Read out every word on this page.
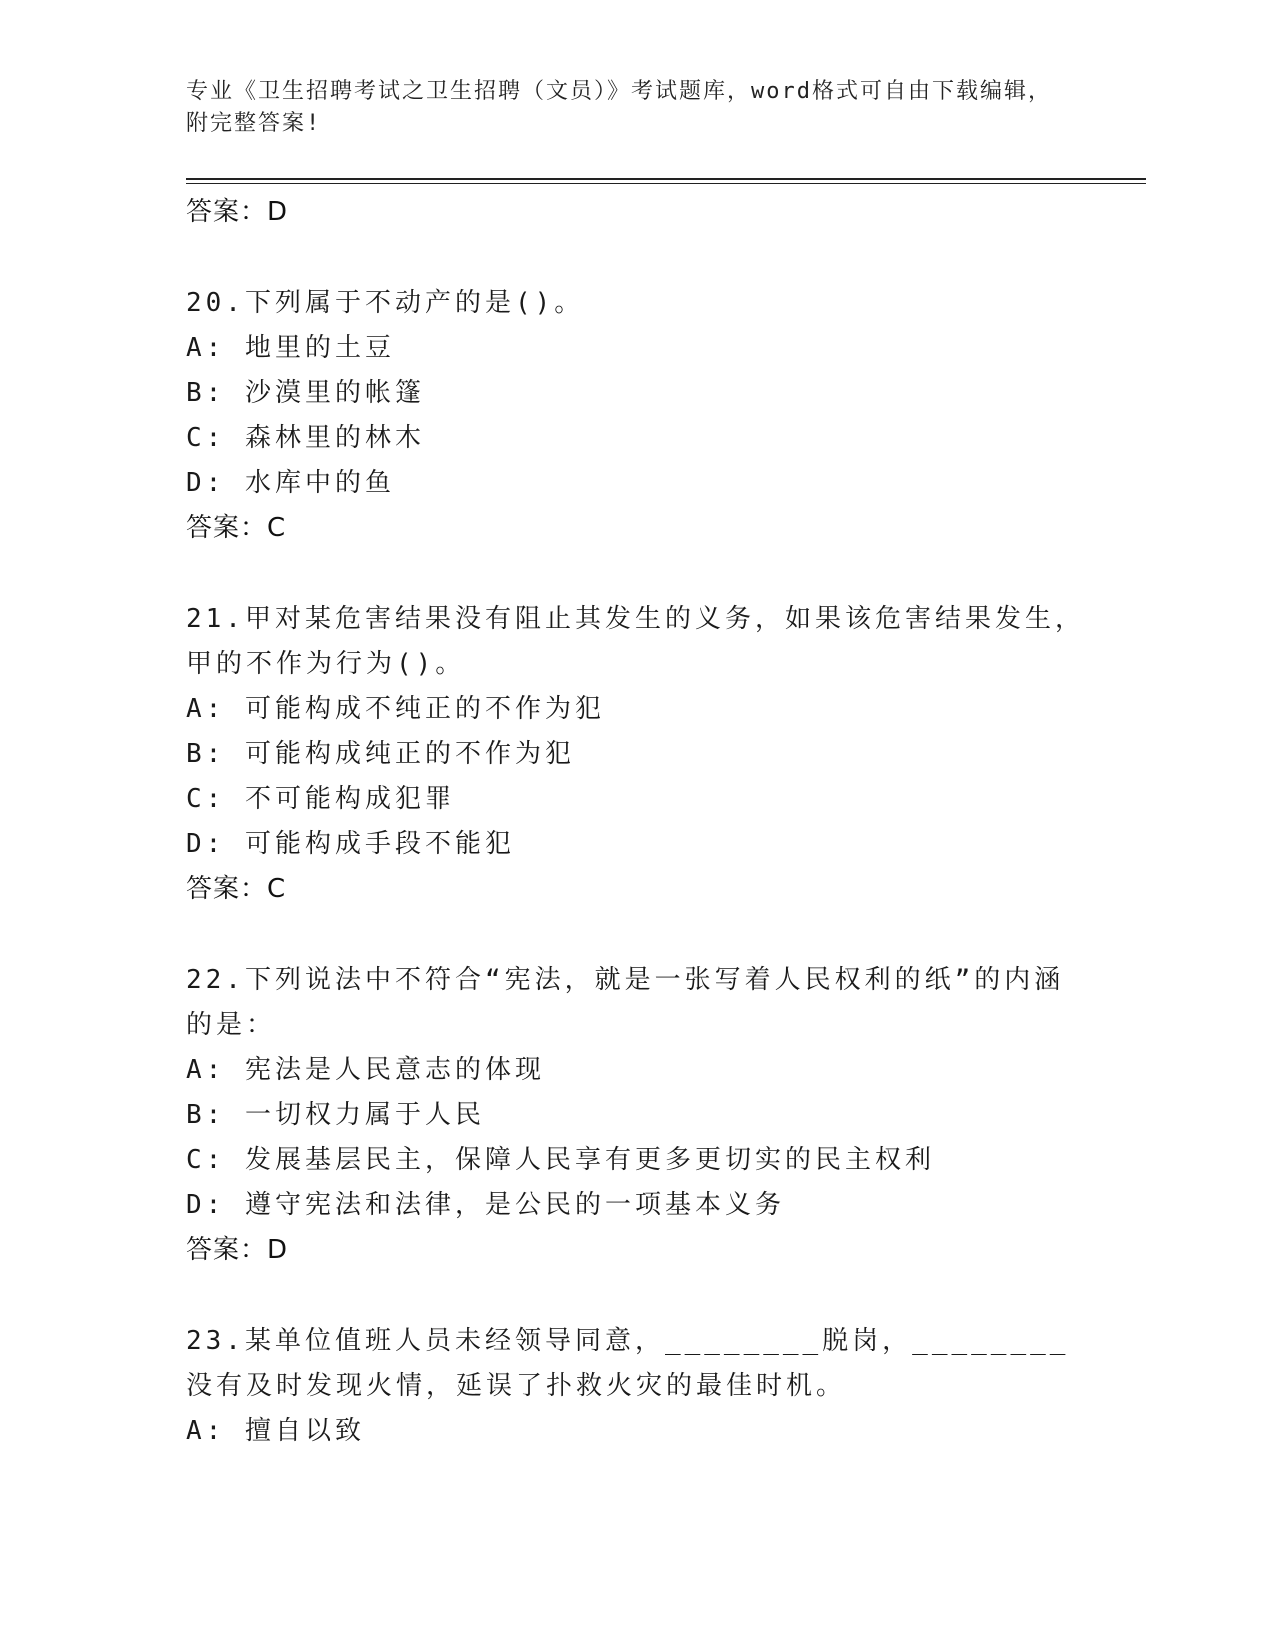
专业《卫生招聘考试之卫生招聘（文员）》考试题库，word格式可自由下载编辑，附完整答案!
答案：D
20.下列属于不动产的是()。
A: 地里的土豆
B: 沙漠里的帐篷
C: 森林里的林木
D: 水库中的鱼
答案：C
21.甲对某危害结果没有阻止其发生的义务，如果该危害结果发生，甲的不作为行为()。
A: 可能构成不纯正的不作为犯
B: 可能构成纯正的不作为犯
C: 不可能构成犯罪
D: 可能构成手段不能犯
答案：C
22.下列说法中不符合“宪法，就是一张写着人民权利的纸”的内涵的是：
A: 宪法是人民意志的体现
B: 一切权力属于人民
C: 发展基层民主，保障人民享有更多更切实的民主权利
D: 遵守宪法和法律，是公民的一项基本义务
答案：D
23.某单位值班人员未经领导同意，________脱岗，________没有及时发现火情，延误了扑救火灾的最佳时机。
A: 擅自以致
